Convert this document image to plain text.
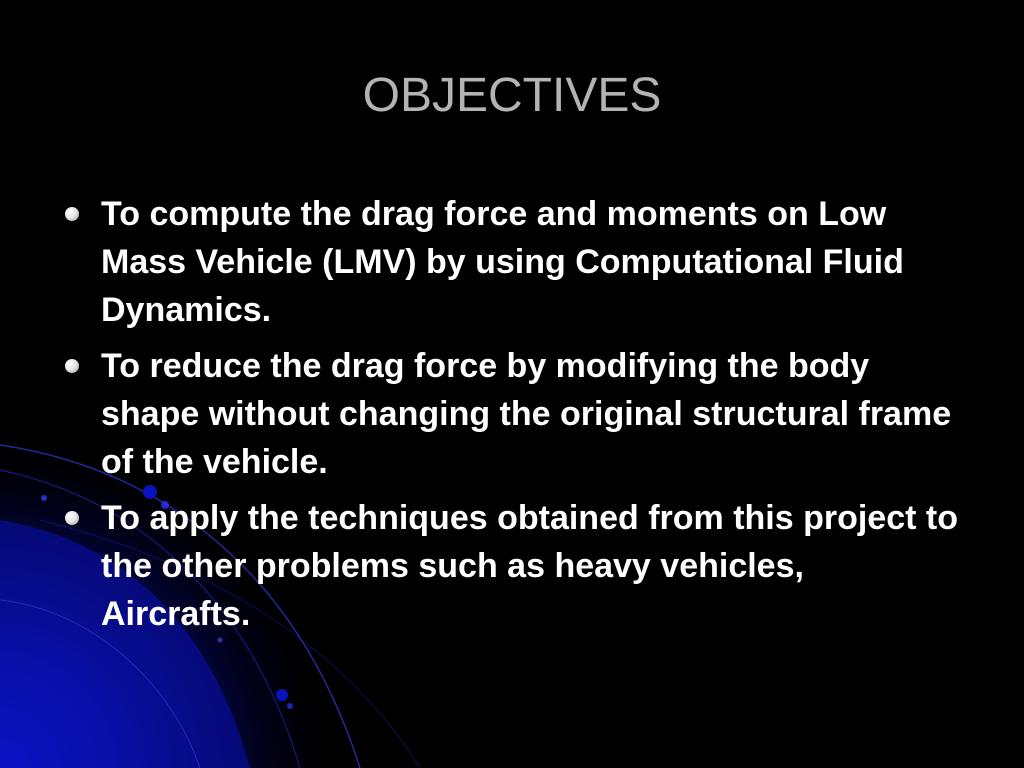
OBJECTIVES
To compute the drag force and moments on Low Mass Vehicle (LMV) by using Computational Fluid Dynamics.
To reduce the drag force by modifying the body shape without changing the original structural frame of the vehicle.
To apply the techniques obtained from this project to the other problems such as heavy vehicles, Aircrafts.
